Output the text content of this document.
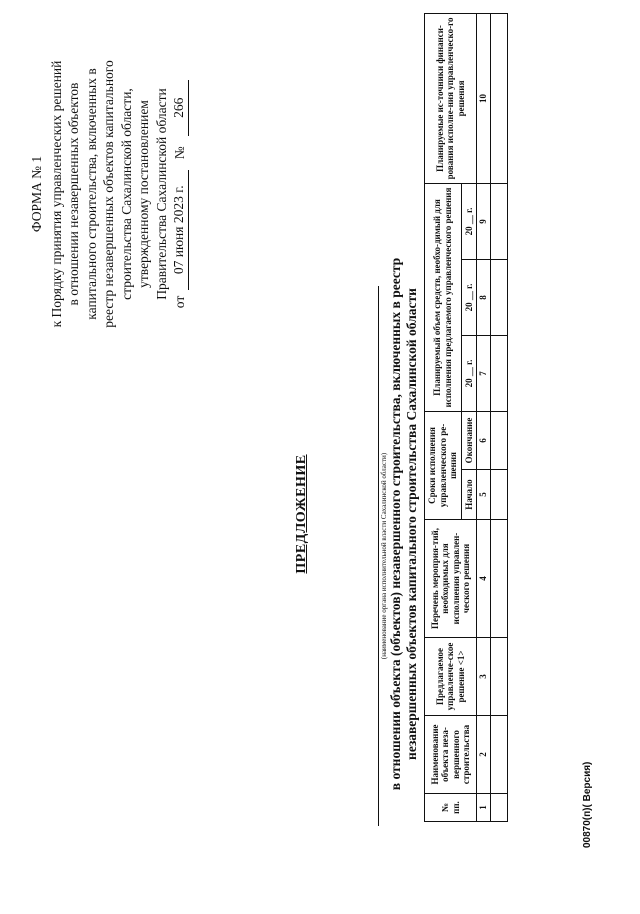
ФОРМА № 1 к Порядку принятия управленческих решений в отношении незавершенных объектов капитального строительства, включенных в реестр незавершенных объектов капитального строительства Сахалинской области, утвержденному постановлением Правительства Сахалинской области
от
07 июня 2023 г.
№
266
ПРЕДЛОЖЕНИЕ	(наименование органа исполнительной власти Сахалинской области) в отношении объекта (объектов) незавершенного строительства, включенных в реестр незавершенных объектов капитального строительства Сахалинской области
№ пп.	Наименование объекта неза-вершенного строительства	Предлагаемое управленче-ское решение <1>	Перечень мероприя-тий, необходимых для исполнения управлен-ческого решения	Сроки исполнения управленческого ре-шения		Планируемый объем средств, необхо-димый для исполнения предлагаемого управленческого решения			Планируемые ис-точники финанси-рования исполне-ния управленческо-го решения
				Начало	Окончание	20 __ г.	20 __ г.	20 __ г.	
1	2	3	4	5	6	7	8	9	10

00870(п)( Версия)
